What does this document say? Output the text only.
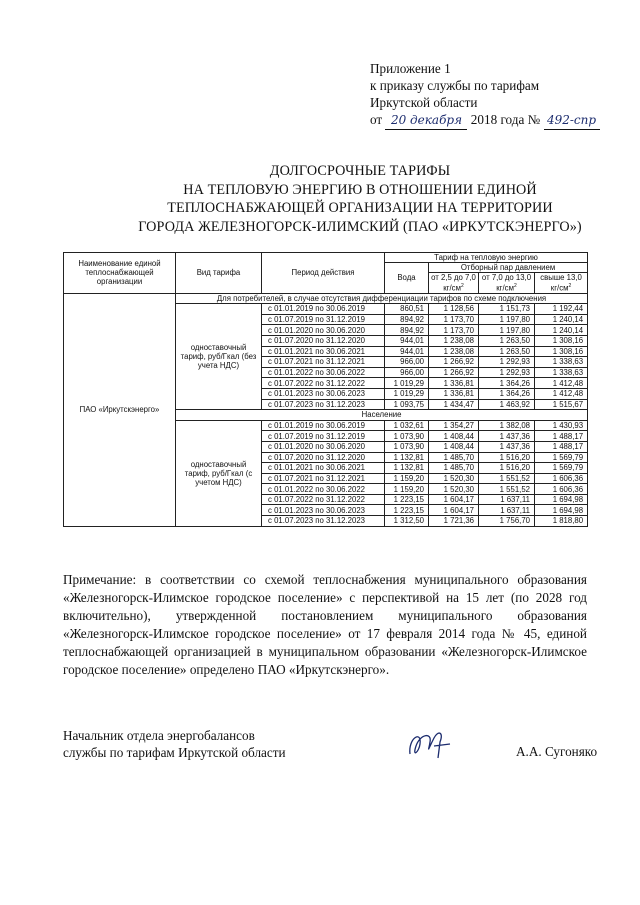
Приложение 1
к приказу службы по тарифам
Иркутской области
от 20 декабря 2018 года № 492-спр
ДОЛГОСРОЧНЫЕ ТАРИФЫ
НА ТЕПЛОВУЮ ЭНЕРГИЮ В ОТНОШЕНИИ ЕДИНОЙ
ТЕПЛОСНАБЖАЮЩЕЙ ОРГАНИЗАЦИИ НА ТЕРРИТОРИИ
ГОРОДА ЖЕЛЕЗНОГОРСК-ИЛИМСКИЙ (ПАО «ИРКУТСКЭНЕРГО»)
Наименование единой теплоснабжающей организации	Вид тарифа	Период действия	Тариф на тепловую энергию			
			Вода	Отборный пар давлением		
				от 2,5 до 7,0 $кг/см^2$	от 7,0 до 13,0 $кг/см^2$	свыше 13,0 $кг/см^2$
ПАО «Иркутскэнерго»	Для потребителей, в случае отсутствия дифференциации тарифов по схеме подключения					
	одноставочный тариф, руб/Гкал (без учета НДС)	с 01.01.2019 по 30.06.2019	860,51	1 128,56	1 151,73	1 192,44
		с 01.07.2019 по 31.12.2019	894,92	1 173,70	1 197,80	1 240,14
		с 01.01.2020 по 30.06.2020	894,92	1 173,70	1 197,80	1 240,14
		с 01.07.2020 по 31.12.2020	944,01	1 238,08	1 263,50	1 308,16
		с 01.01.2021 по 30.06.2021	944,01	1 238,08	1 263,50	1 308,16
		с 01.07.2021 по 31.12.2021	966,00	1 266,92	1 292,93	1 338,63
		с 01.01.2022 по 30.06.2022	966,00	1 266,92	1 292,93	1 338,63
		с 01.07.2022 по 31.12.2022	1 019,29	1 336,81	1 364,26	1 412,48
		с 01.01.2023 по 30.06.2023	1 019,29	1 336,81	1 364,26	1 412,48
		с 01.07.2023 по 31.12.2023	1 093,75	1 434,47	1 463,92	1 515,67
	Население					
	одноставочный тариф, руб/Гкал (с учетом НДС)	с 01.01.2019 по 30.06.2019	1 032,61	1 354,27	1 382,08	1 430,93
		с 01.07.2019 по 31.12.2019	1 073,90	1 408,44	1 437,36	1 488,17
		с 01.01.2020 по 30.06.2020	1 073,90	1 408,44	1 437,36	1 488,17
		с 01.07.2020 по 31.12.2020	1 132,81	1 485,70	1 516,20	1 569,79
		с 01.01.2021 по 30.06.2021	1 132,81	1 485,70	1 516,20	1 569,79
		с 01.07.2021 по 31.12.2021	1 159,20	1 520,30	1 551,52	1 606,36
		с 01.01.2022 по 30.06.2022	1 159,20	1 520,30	1 551,52	1 606,36
		с 01.07.2022 по 31.12.2022	1 223,15	1 604,17	1 637,11	1 694,98
		с 01.01.2023 по 30.06.2023	1 223,15	1 604,17	1 637,11	1 694,98
		с 01.07.2023 по 31.12.2023	1 312,50	1 721,36	1 756,70	1 818,80
Примечание: в соответствии со схемой теплоснабжения муниципального образования «Железногорск-Илимское городское поселение» с перспективой на 15 лет (по 2028 год включительно), утвержденной постановлением муниципального образования «Железногорск-Илимское городское поселение» от 17 февраля 2014 года № 45, единой теплоснабжающей организацией в муниципальном образовании «Железногорск-Илимское городское поселение» определено ПАО «Иркутскэнерго».
Начальник отдела энергобалансов
службы по тарифам Иркутской области	А.А. Сугоняко
